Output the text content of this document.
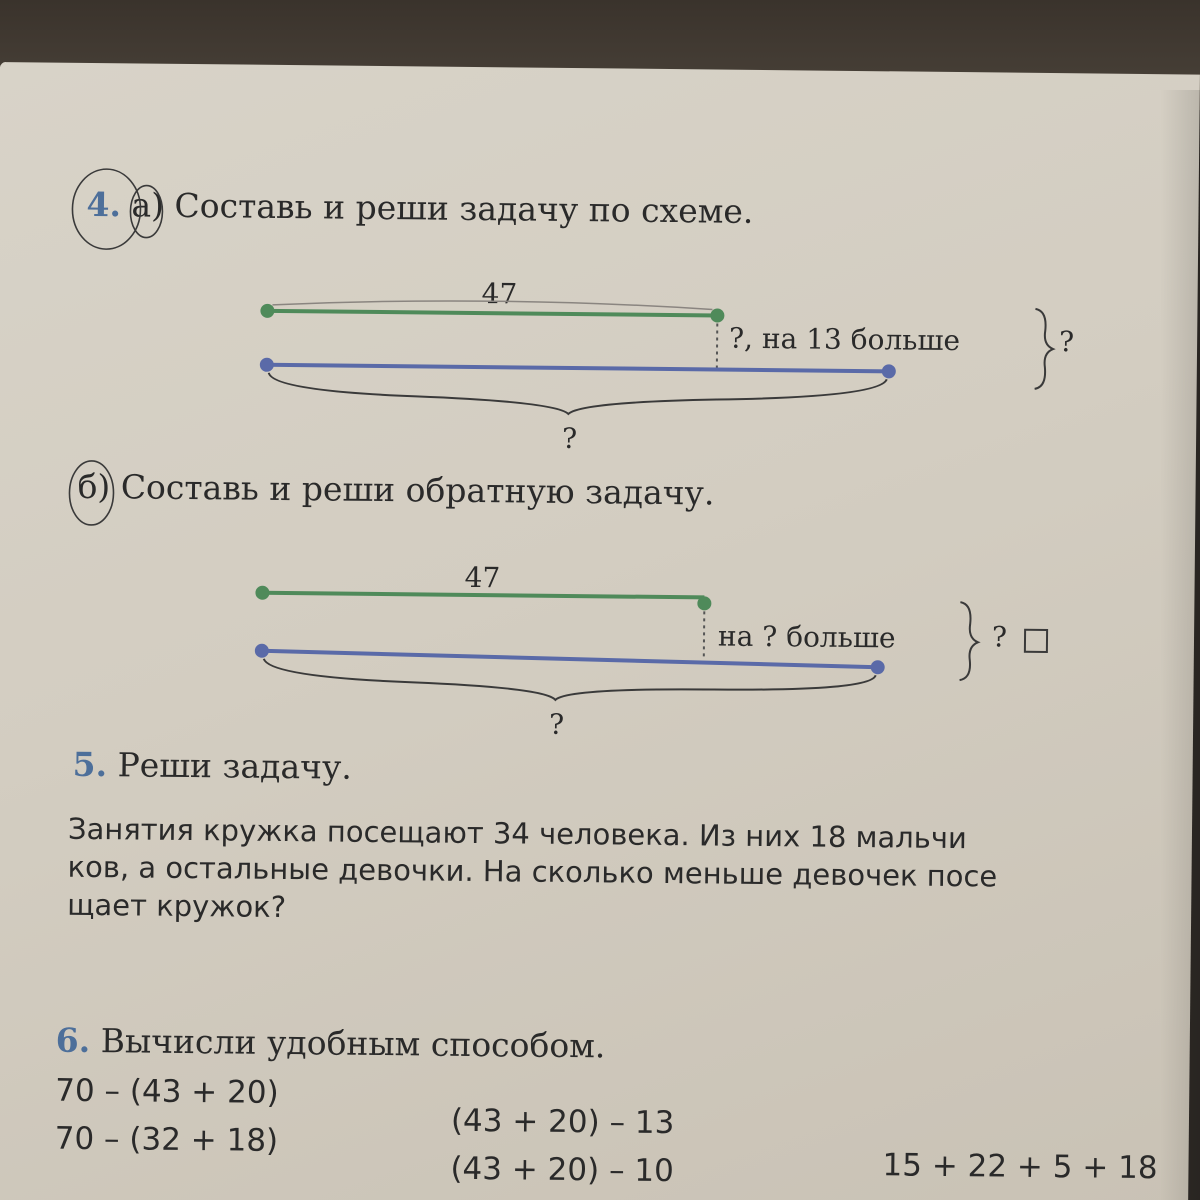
4. а) Составь и реши задачу по схеме.
47
?, на 13 больше	?
?
б) Составь и реши обратную задачу.
47
на ? больше	?
?
5. Реши задачу.
Занятия кружка посещают 34 человека. Из них 18 мальчи
ков, а остальные девочки. На сколько меньше девочек посе
щает кружок?
6. Вычисли удобным способом.
70 – (43 + 20)
70 – (32 + 18)	(43 + 20) – 13
(43 + 20) – 10	15 + 22 + 5 + 18
